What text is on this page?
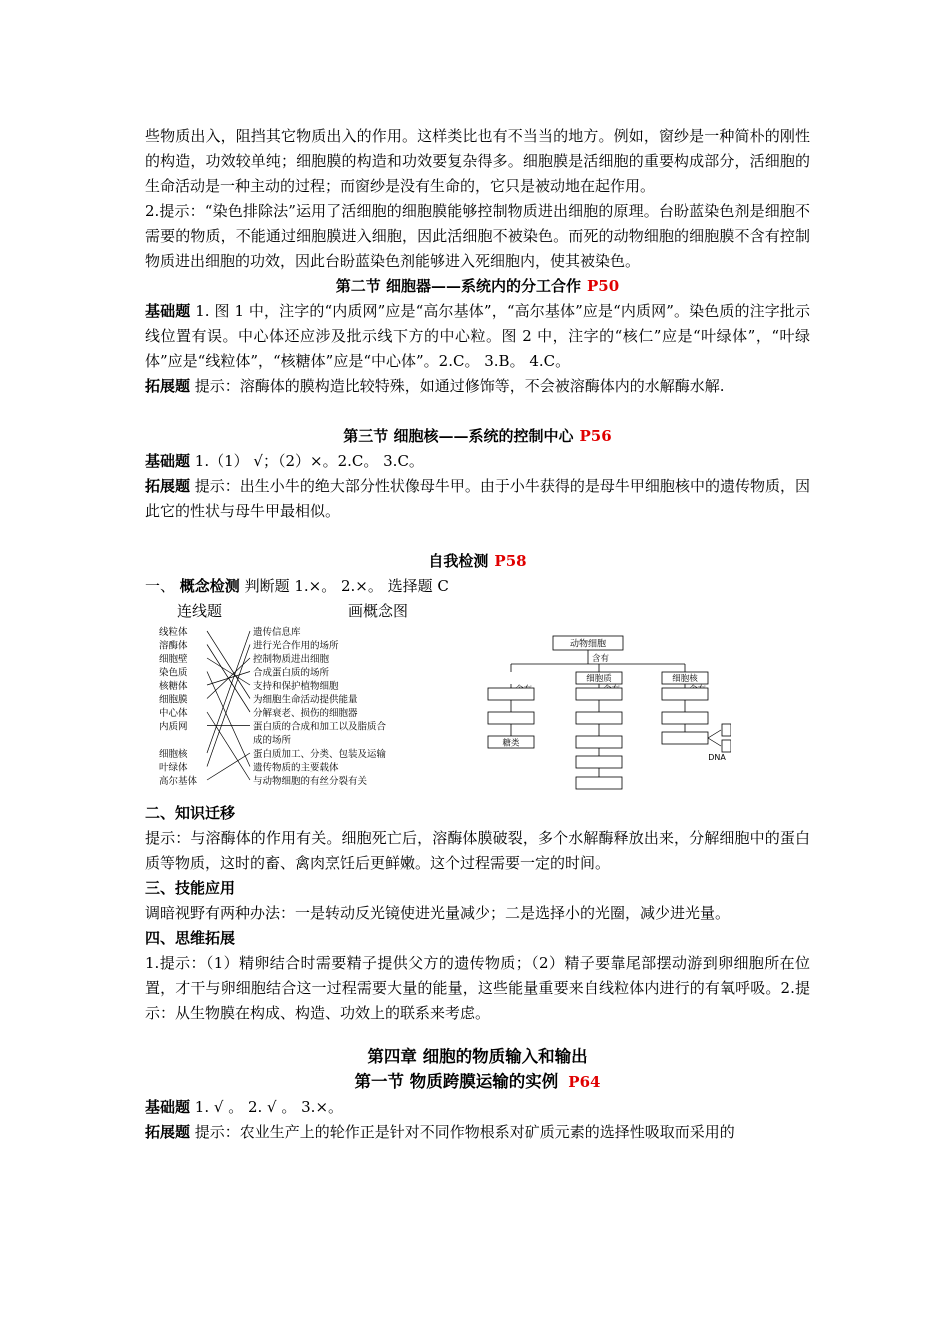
些物质出入，阻挡其它物质出入的作用。这样类比也有不当当的地方。例如，窗纱是一种简朴的刚性的构造，功效较单纯；细胞膜的构造和功效要复杂得多。细胞膜是活细胞的重要构成部分，活细胞的生命活动是一种主动的过程；而窗纱是没有生命的，它只是被动地在起作用。

2.提示：“染色排除法”运用了活细胞的细胞膜能够控制物质进出细胞的原理。台盼蓝染色剂是细胞不需要的物质，不能通过细胞膜进入细胞，因此活细胞不被染色。而死的动物细胞的细胞膜不含有控制物质进出细胞的功效，因此台盼蓝染色剂能够进入死细胞内，使其被染色。

第二节 细胞器——系统内的分工合作 P50

基础题 1. 图 1 中，注字的“内质网”应是“高尔基体”，“高尔基体”应是“内质网”。染色质的注字批示线位置有误。中心体还应涉及批示线下方的中心粒。图 2 中，注字的“核仁”应是“叶绿体”，“叶绿体”应是“线粒体”，“核糖体”应是“中心体”。2.C。 3.B。 4.C。

拓展题 提示：溶酶体的膜构造比较特殊，如通过修饰等，不会被溶酶体内的水解酶水解.

第三节 细胞核——系统的控制中心 P56

基础题 1.（1） √；（2）×。2.C。 3.C。

拓展题 提示：出生小牛的绝大部分性状像母牛甲。由于小牛获得的是母牛甲细胞核中的遗传物质，因此它的性状与母牛甲最相似。

自我检测 P58

一、 概念检测 判断题 1.×。 2.×。 选择题 C

连线题	画概念图

线粒体
溶酶体
细胞壁
染色质
核糖体
细胞膜
中心体
内质网
细胞核
叶绿体
高尔基体
遗传信息库
进行光合作用的场所
控制物质进出细胞
合成蛋白质的场所
支持和保护植物细胞
为细胞生命活动提供能量
分解衰老、损伤的细胞器
蛋白质的合成和加工以及脂质合
成的场所
蛋白质加工、分类、包装及运输
遗传物质的主要载体
与动物细胞的有丝分裂有关
动物细胞
含有
糖类
细胞质	细胞核
DNA

二、知识迁移

提示：与溶酶体的作用有关。细胞死亡后，溶酶体膜破裂，多个水解酶释放出来，分解细胞中的蛋白质等物质，这时的畜、禽肉烹饪后更鲜嫩。这个过程需要一定的时间。

三、技能应用

调暗视野有两种办法：一是转动反光镜使进光量减少；二是选择小的光圈，减少进光量。

四、思维拓展

1.提示：（1）精卵结合时需要精子提供父方的遗传物质；（2）精子要靠尾部摆动游到卵细胞所在位置，才干与卵细胞结合这一过程需要大量的能量，这些能量重要来自线粒体内进行的有氧呼吸。2.提示：从生物膜在构成、构造、功效上的联系来考虑。

第四章 细胞的物质输入和输出

第一节 物质跨膜运输的实例 P64

基础题 1. √ 。 2. √ 。 3.×。

拓展题 提示：农业生产上的轮作正是针对不同作物根系对矿质元素的选择性吸取而采用的
